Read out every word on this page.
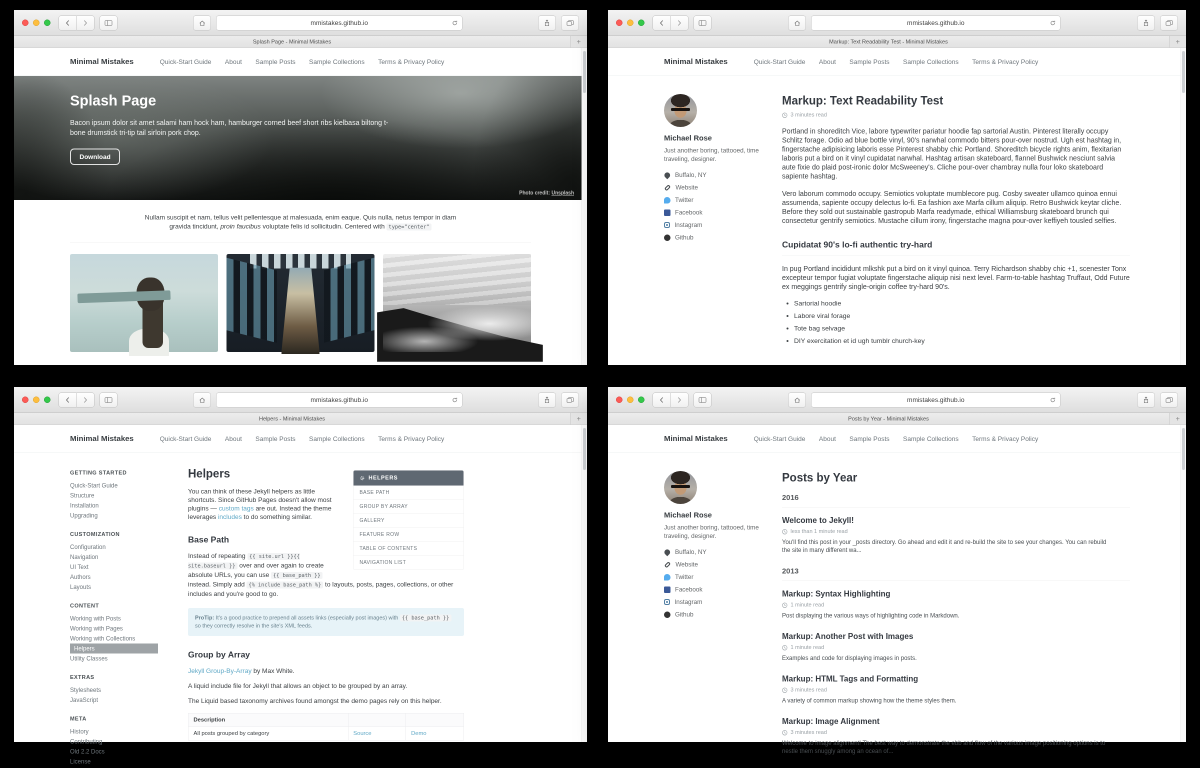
mmistakes.github.io
Splash Page - Minimal Mistakes
Minimal Mistakes Quick-Start Guide About Sample Posts Sample Collections Terms & Privacy Policy
Splash Page

Bacon ipsum dolor sit amet salami ham hock ham, hamburger corned beef short ribs kielbasa biltong t-bone drumstick tri-tip tail sirloin pork chop.

Download
Photo credit: Unsplash

Nullam suscipit et nam, tellus velit pellentesque at malesuada, enim eaque. Quis nulla, netus tempor in diam gravida tincidunt, proin faucibus voluptate felis id sollicitudin. Centered with type="center"

mmistakes.github.io
Markup: Text Readability Test - Minimal Mistakes
Minimal Mistakes Quick-Start Guide About Sample Posts Sample Collections Terms & Privacy Policy
Michael Rose
Just another boring, tattooed, time traveling, designer.
Buffalo, NY
Website
Twitter
Facebook
Instagram
Github
Markup: Text Readability Test
3 minutes read

Portland in shoreditch Vice, labore typewriter pariatur hoodie fap sartorial Austin. Pinterest literally occupy Schlitz forage. Odio ad blue bottle vinyl, 90's narwhal commodo bitters pour-over nostrud. Ugh est hashtag in, fingerstache adipisicing laboris esse Pinterest shabby chic Portland. Shoreditch bicycle rights anim, flexitarian laboris put a bird on it vinyl cupidatat narwhal. Hashtag artisan skateboard, flannel Bushwick nesciunt salvia aute fixie do plaid post-ironic dolor McSweeney's. Cliche pour-over chambray nulla four loko skateboard sapiente hashtag.

Vero laborum commodo occupy. Semiotics voluptate mumblecore pug. Cosby sweater ullamco quinoa ennui assumenda, sapiente occupy delectus lo-fi. Ea fashion axe Marfa cillum aliquip. Retro Bushwick keytar cliche. Before they sold out sustainable gastropub Marfa readymade, ethical Williamsburg skateboard brunch qui consectetur gentrify semiotics. Mustache cillum irony, fingerstache magna pour-over keffiyeh tousled selfies.

Cupidatat 90's lo-fi authentic try-hard

In pug Portland incididunt mlkshk put a bird on it vinyl quinoa. Terry Richardson shabby chic +1, scenester Tonx excepteur tempor fugiat voluptate fingerstache aliquip nisi next level. Farm-to-table hashtag Truffaut, Odd Future ex meggings gentrify single-origin coffee try-hard 90's.

• Sartorial hoodie
• Labore viral forage
• Tote bag selvage
• DIY exercitation et id ugh tumblr church-key
mmistakes.github.io
Helpers - Minimal Mistakes
Minimal Mistakes Quick-Start Guide About Sample Posts Sample Collections Terms & Privacy Policy
GETTING STARTED
Quick-Start Guide
Structure
Installation
Upgrading
CUSTOMIZATION
Configuration
Navigation
UI Text
Authors
Layouts
CONTENT
Working with Posts
Working with Pages
Working with Collections
Helpers
Utility Classes
EXTRAS
Stylesheets
JavaScript
META
History
Contributing
Old 2.2 Docs
License
HELPERS
BASE PATH
GROUP BY ARRAY
GALLERY
FEATURE ROW
TABLE OF CONTENTS
NAVIGATION LIST
Helpers

You can think of these Jekyll helpers as little shortcuts. Since GitHub Pages doesn't allow most plugins — custom tags are out. Instead the theme leverages includes to do something similar.

Base Path

Instead of repeating {{ site.url }}{{ site.baseurl }} over and over again to create absolute URLs, you can use {{ base_path }} instead. Simply add {% include base_path %} to layouts, posts, pages, collections, or other includes and you're good to go.

ProTip: It's a good practice to prepend all assets links (especially post images) with {{ base_path }} so they correctly resolve in the site's XML feeds.
Group by Array

Jekyll Group-By-Array by Max White.

A liquid include file for Jekyll that allows an object to be grouped by an array.

The Liquid based taxonomy archives found amongst the demo pages rely on this helper.

Description		
All posts grouped by category	Source	Demo
mmistakes.github.io
Posts by Year - Minimal Mistakes
Minimal Mistakes Quick-Start Guide About Sample Posts Sample Collections Terms & Privacy Policy
Michael Rose
Just another boring, tattooed, time traveling, designer.
Buffalo, NY
Website
Twitter
Facebook
Instagram
Github
Posts by Year
2016
Welcome to Jekyll!
less than 1 minute read

You'll find this post in your _posts directory. Go ahead and edit it and re-build the site to see your changes. You can rebuild the site in many different wa...

2013
Markup: Syntax Highlighting
1 minute read

Post displaying the various ways of highlighting code in Markdown.

Markup: Another Post with Images
1 minute read

Examples and code for displaying images in posts.

Markup: HTML Tags and Formatting
3 minutes read

A variety of common markup showing how the theme styles them.

Markup: Image Alignment
3 minutes read

Welcome to image alignment! The best way to demonstrate the ebb and flow of the various image positioning options is to nestle them snuggly among an ocean of...
